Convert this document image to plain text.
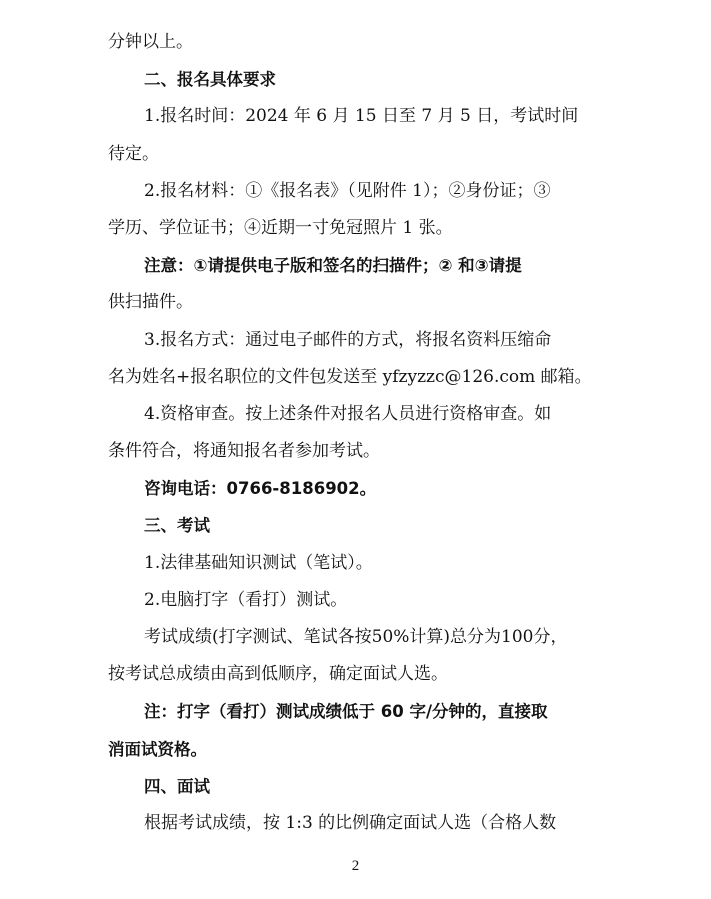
分钟以上。
二、报名具体要求
1.报名时间：2024 年 6 月 15 日至 7 月 5 日，考试时间
待定。
2.报名材料：①《报名表》（见附件 1）；②身份证；③
学历、学位证书；④近期一寸免冠照片 1 张。
注意：①请提供电子版和签名的扫描件；② 和③请提
供扫描件。
3.报名方式：通过电子邮件的方式，将报名资料压缩命
名为姓名+报名职位的文件包发送至 yfzyzzc@126.com 邮箱。
4.资格审查。按上述条件对报名人员进行资格审查。如
条件符合，将通知报名者参加考试。
咨询电话：0766-8186902。
三、考试
1.法律基础知识测试（笔试）。
2.电脑打字（看打）测试。
考试成绩(打字测试、笔试各按50%计算)总分为100分，
按考试总成绩由高到低顺序，确定面试人选。
注：打字（看打）测试成绩低于 60 字/分钟的，直接取
消面试资格。
四、面试
根据考试成绩，按 1:3 的比例确定面试人选（合格人数
2
